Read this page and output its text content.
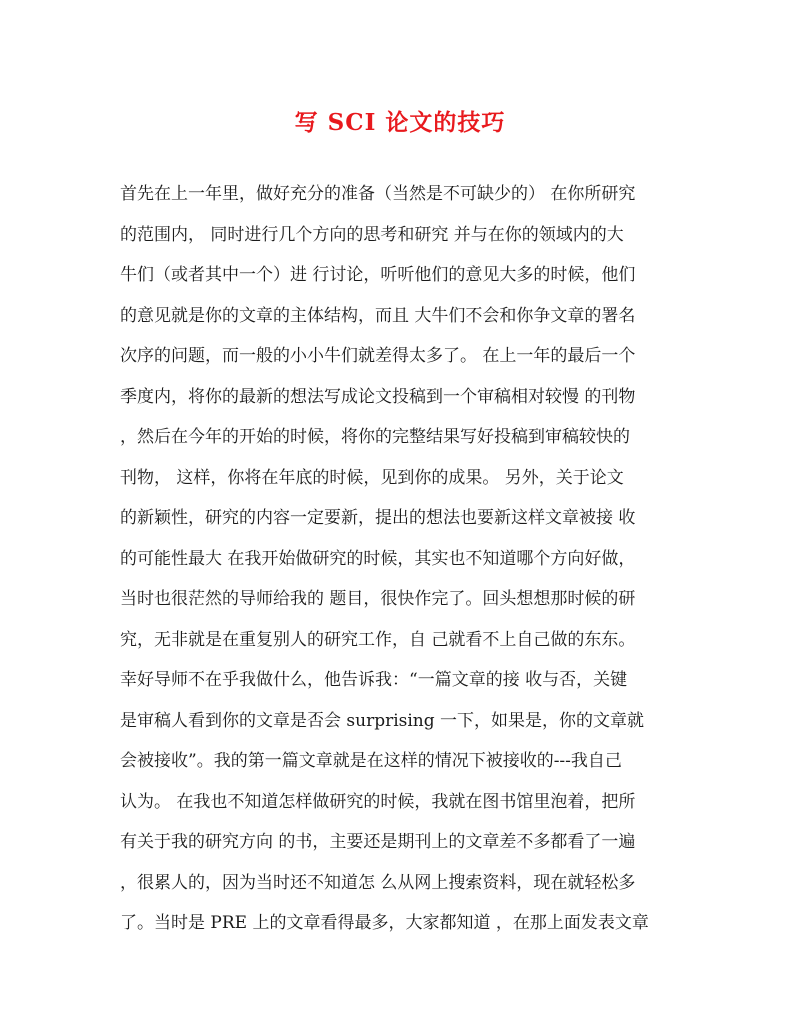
写 SCI 论文的技巧
首先在上一年里，做好充分的准备（当然是不可缺少的） 在你所研究
的范围内， 同时进行几个方向的思考和研究 并与在你的领域内的大
牛们（或者其中一个）进 行讨论，听听他们的意见大多的时候，他们
的意见就是你的文章的主体结构，而且 大牛们不会和你争文章的署名
次序的问题，而一般的小小牛们就差得太多了。 在上一年的最后一个
季度内，将你的最新的想法写成论文投稿到一个审稿相对较慢 的刊物
，然后在今年的开始的时候，将你的完整结果写好投稿到审稿较快的
刊物， 这样，你将在年底的时候，见到你的成果。 另外，关于论文
的新颖性，研究的内容一定要新，提出的想法也要新这样文章被接 收
的可能性最大 在我开始做研究的时候，其实也不知道哪个方向好做，
当时也很茫然的导师给我的 题目，很快作完了。回头想想那时候的研
究，无非就是在重复别人的研究工作，自 己就看不上自己做的东东。
幸好导师不在乎我做什么，他告诉我：“一篇文章的接 收与否，关键
是审稿人看到你的文章是否会 surprising 一下，如果是，你的文章就
会被接收”。我的第一篇文章就是在这样的情况下被接收的---我自己
认为。 在我也不知道怎样做研究的时候，我就在图书馆里泡着，把所
有关于我的研究方向 的书，主要还是期刊上的文章差不多都看了一遍
，很累人的，因为当时还不知道怎 么从网上搜索资料，现在就轻松多
了。当时是 PRE 上的文章看得最多，大家都知道 ，在那上面发表文章
